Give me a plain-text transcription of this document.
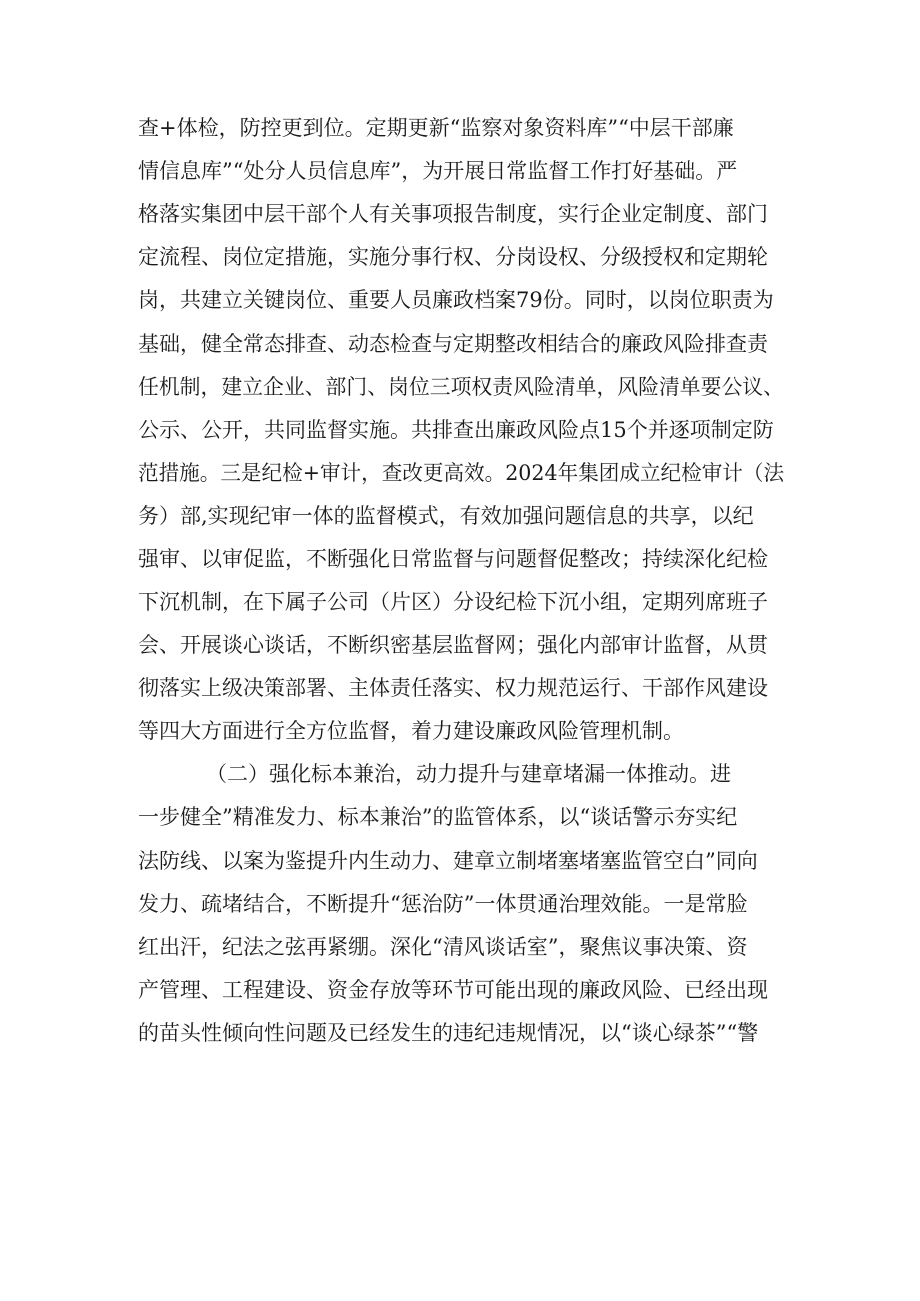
查+体检，防控更到位。定期更新“监察对象资料库”“中层干部廉
情信息库”“处分人员信息库”，为开展日常监督工作打好基础。严
格落实集团中层干部个人有关事项报告制度，实行企业定制度、部门
定流程、岗位定措施，实施分事行权、分岗设权、分级授权和定期轮
岗，共建立关键岗位、重要人员廉政档案79份。同时，以岗位职责为
基础，健全常态排查、动态检查与定期整改相结合的廉政风险排查责
任机制，建立企业、部门、岗位三项权责风险清单，风险清单要公议、
公示、公开，共同监督实施。共排查出廉政风险点15个并逐项制定防
范措施。三是纪检+审计，查改更高效。2024年集团成立纪检审计（法
务）部,实现纪审一体的监督模式，有效加强问题信息的共享，以纪
强审、以审促监，不断强化日常监督与问题督促整改；持续深化纪检
下沉机制，在下属子公司（片区）分设纪检下沉小组，定期列席班子
会、开展谈心谈话，不断织密基层监督网；强化内部审计监督，从贯
彻落实上级决策部署、主体责任落实、权力规范运行、干部作风建设
等四大方面进行全方位监督，着力建设廉政风险管理机制。
（二）强化标本兼治，动力提升与建章堵漏一体推动。进
一步健全”精准发力、标本兼治”的监管体系，以“谈话警示夯实纪
法防线、以案为鉴提升内生动力、建章立制堵塞堵塞监管空白”同向
发力、疏堵结合，不断提升“惩治防”一体贯通治理效能。一是常脸
红出汗，纪法之弦再紧绷。深化“清风谈话室”，聚焦议事决策、资
产管理、工程建设、资金存放等环节可能出现的廉政风险、已经出现
的苗头性倾向性问题及已经发生的违纪违规情况，以“谈心绿茶”“警
